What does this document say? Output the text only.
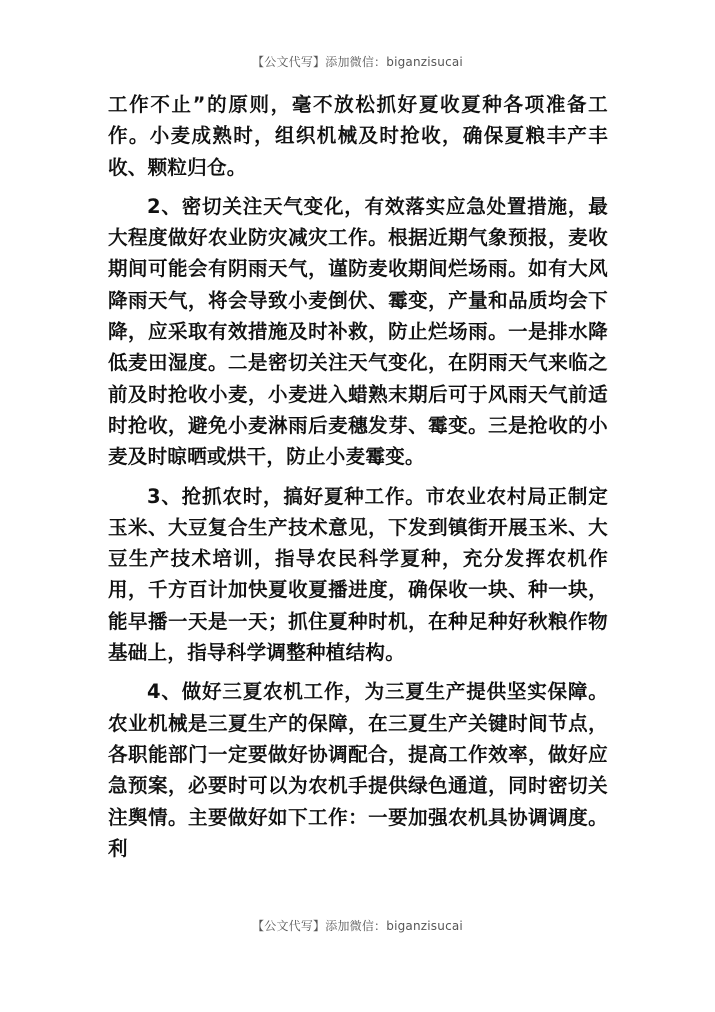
【公文代写】添加微信：biganzisucai

工作不止”的原则，毫不放松抓好夏收夏种各项准备工作。小麦成熟时，组织机械及时抢收，确保夏粮丰产丰收、颗粒归仓。

2、密切关注天气变化，有效落实应急处置措施，最大程度做好农业防灾减灾工作。根据近期气象预报，麦收期间可能会有阴雨天气，谨防麦收期间烂场雨。如有大风降雨天气，将会导致小麦倒伏、霉变，产量和品质均会下降，应采取有效措施及时补救，防止烂场雨。一是排水降低麦田湿度。二是密切关注天气变化，在阴雨天气来临之前及时抢收小麦，小麦进入蜡熟末期后可于风雨天气前适时抢收，避免小麦淋雨后麦穗发芽、霉变。三是抢收的小麦及时晾晒或烘干，防止小麦霉变。

3、抢抓农时，搞好夏种工作。市农业农村局正制定玉米、大豆复合生产技术意见，下发到镇街开展玉米、大豆生产技术培训，指导农民科学夏种，充分发挥农机作用，千方百计加快夏收夏播进度，确保收一块、种一块，能早播一天是一天；抓住夏种时机，在种足种好秋粮作物基础上，指导科学调整种植结构。

4、做好三夏农机工作，为三夏生产提供坚实保障。农业机械是三夏生产的保障，在三夏生产关键时间节点，各职能部门一定要做好协调配合，提高工作效率，做好应急预案，必要时可以为农机手提供绿色通道，同时密切关注舆情。主要做好如下工作：一要加强农机具协调调度。利

【公文代写】添加微信：biganzisucai
